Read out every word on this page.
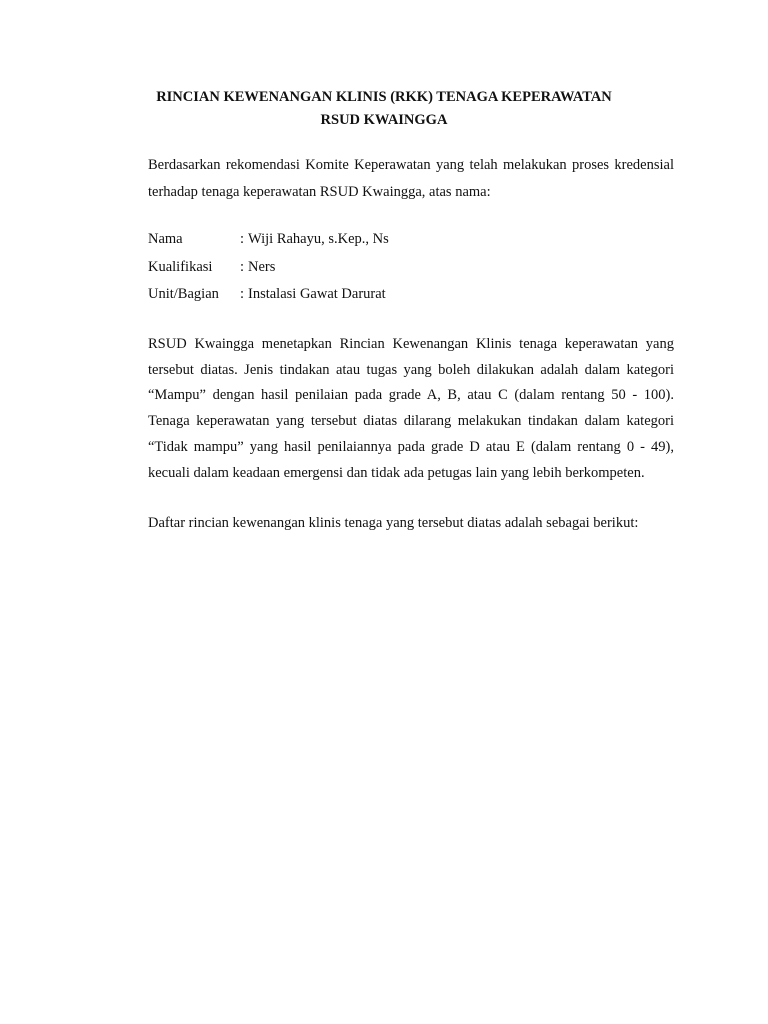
RINCIAN KEWENANGAN KLINIS (RKK) TENAGA KEPERAWATAN
RSUD KWAINGGA

Berdasarkan rekomendasi Komite Keperawatan yang telah melakukan proses kredensial terhadap tenaga keperawatan RSUD Kwaingga, atas nama:

Nama	: Wiji Rahayu, s.Kep., Ns
Kualifikasi	: Ners
Unit/Bagian	: Instalasi Gawat Darurat

RSUD Kwaingga menetapkan Rincian Kewenangan Klinis tenaga keperawatan yang tersebut diatas. Jenis tindakan atau tugas yang boleh dilakukan adalah dalam kategori “Mampu” dengan hasil penilaian pada grade A, B, atau C (dalam rentang 50 - 100). Tenaga keperawatan yang tersebut diatas dilarang melakukan tindakan dalam kategori “Tidak mampu” yang hasil penilaiannya pada grade D atau E (dalam rentang 0 - 49), kecuali dalam keadaan emergensi dan tidak ada petugas lain yang lebih berkompeten.

Daftar rincian kewenangan klinis tenaga yang tersebut diatas adalah sebagai berikut:
